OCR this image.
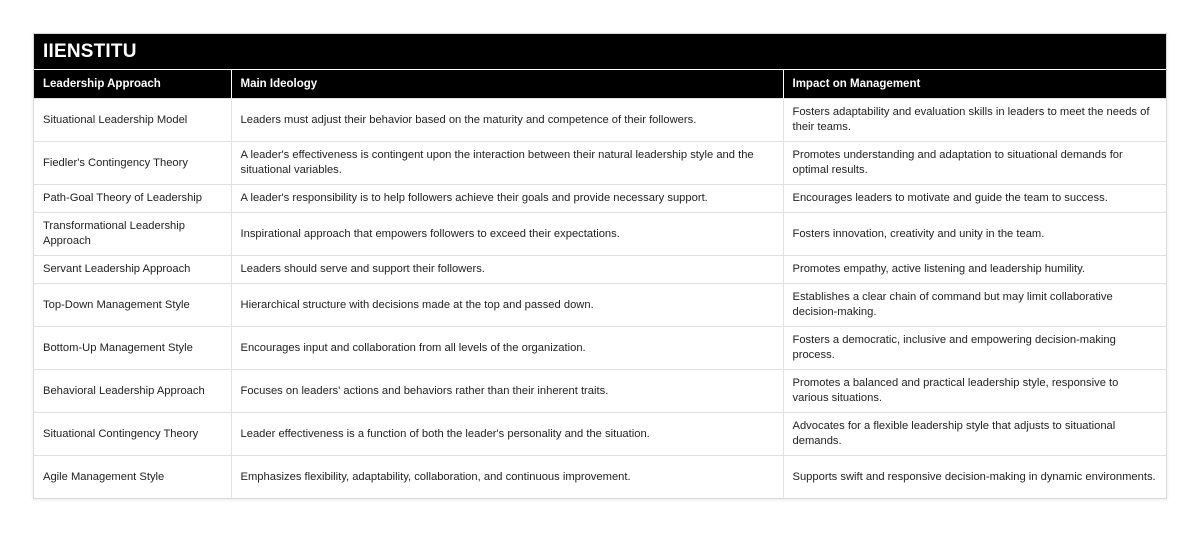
IIENSTITU
Leadership Approach	Main Ideology	Impact on Management
Situational Leadership Model	Leaders must adjust their behavior based on the maturity and competence of their followers.	Fosters adaptability and evaluation skills in leaders to meet the needs of their teams.
Fiedler's Contingency Theory	A leader's effectiveness is contingent upon the interaction between their natural leadership style and the situational variables.	Promotes understanding and adaptation to situational demands for optimal results.
Path-Goal Theory of Leadership	A leader's responsibility is to help followers achieve their goals and provide necessary support.	Encourages leaders to motivate and guide the team to success.
Transformational Leadership Approach	Inspirational approach that empowers followers to exceed their expectations.	Fosters innovation, creativity and unity in the team.
Servant Leadership Approach	Leaders should serve and support their followers.	Promotes empathy, active listening and leadership humility.
Top-Down Management Style	Hierarchical structure with decisions made at the top and passed down.	Establishes a clear chain of command but may limit collaborative decision-making.
Bottom-Up Management Style	Encourages input and collaboration from all levels of the organization.	Fosters a democratic, inclusive and empowering decision-making process.
Behavioral Leadership Approach	Focuses on leaders' actions and behaviors rather than their inherent traits.	Promotes a balanced and practical leadership style, responsive to various situations.
Situational Contingency Theory	Leader effectiveness is a function of both the leader's personality and the situation.	Advocates for a flexible leadership style that adjusts to situational demands.
Agile Management Style	Emphasizes flexibility, adaptability, collaboration, and continuous improvement.	Supports swift and responsive decision-making in dynamic environments.
